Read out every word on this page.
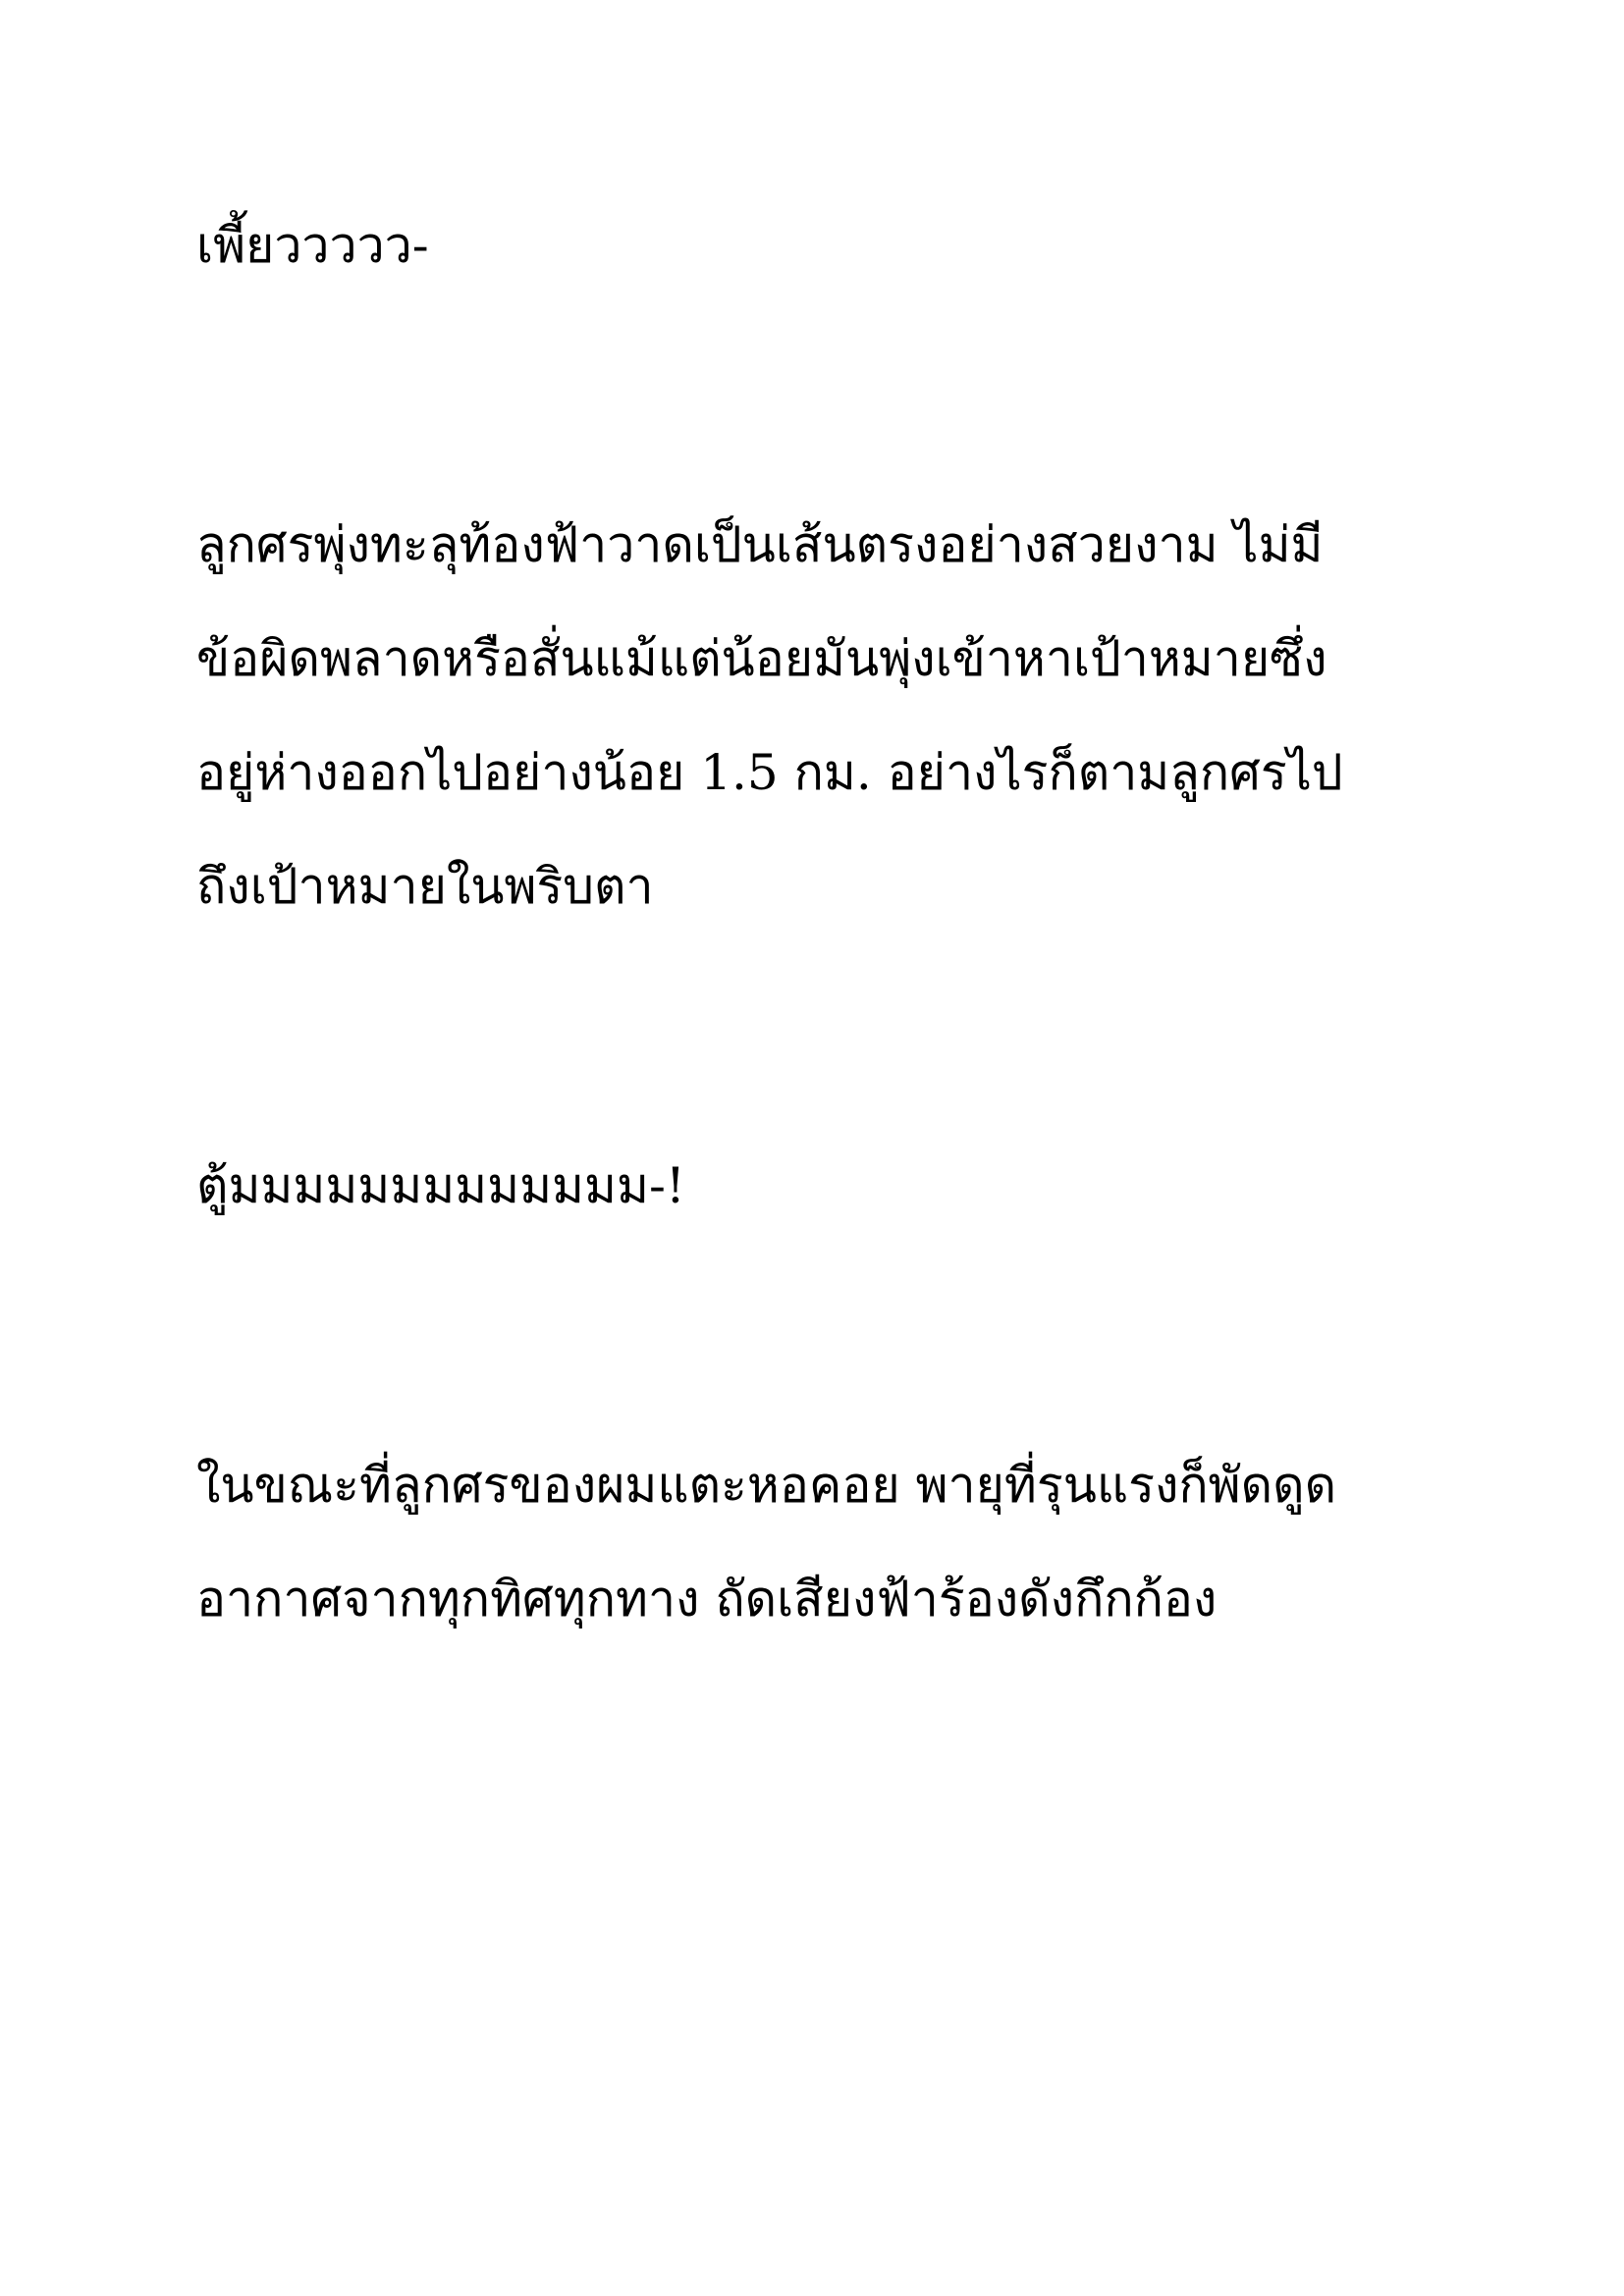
เพี้ยววววว-
ลูกศรพุ่งทะลุท้องฟ้าวาดเป็นเส้นตรงอย่างสวยงาม ไม่มี
ข้อผิดพลาดหรือสั่นแม้แต่น้อยมันพุ่งเข้าหาเป้าหมายซึ่ง
อยู่ห่างออกไปอย่างน้อย 1.5 กม. อย่างไรก็ตามลูกศรไป
ถึงเป้าหมายในพริบตา
ตู้มมมมมมมมมมมมม-!
ในขณะที่ลูกศรของผมแตะหอคอย พายุที่รุนแรงก็พัดดูด
อากาศจากทุกทิศทุกทาง ถัดเสียงฟ้าร้องดังกึกก้อง
